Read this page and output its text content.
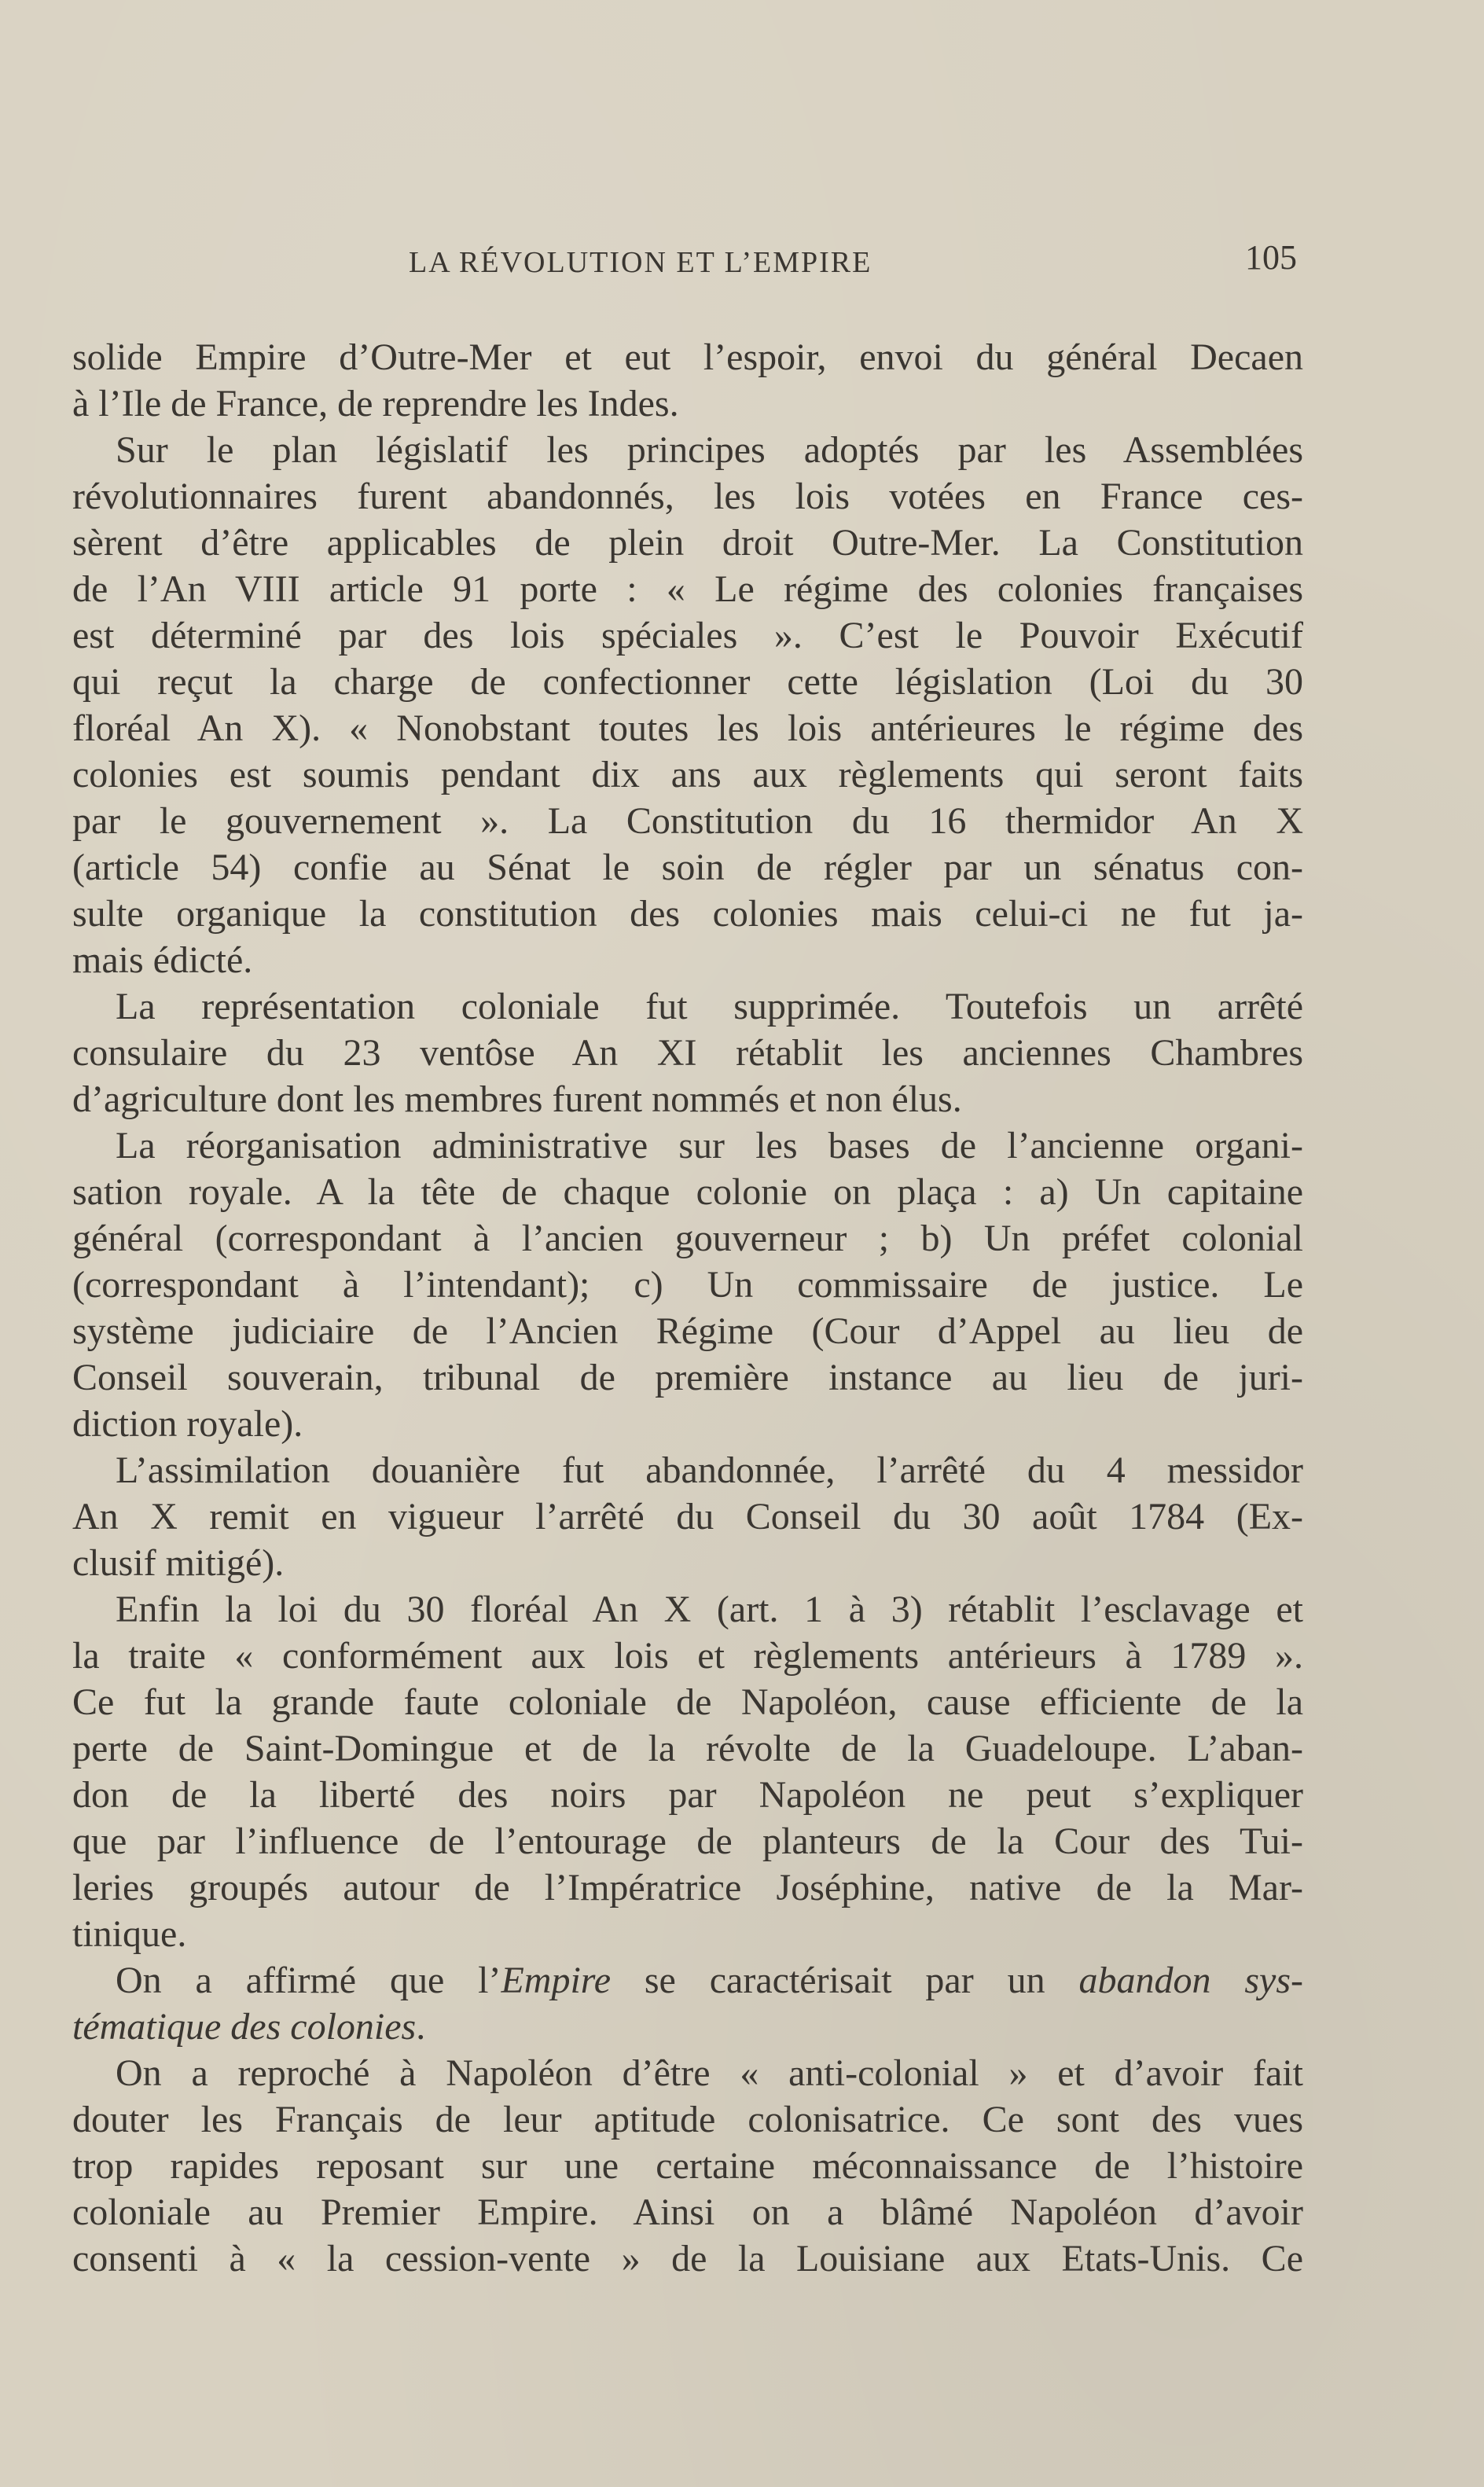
LA RÉVOLUTION ET L’EMPIRE	105
solide Empire d’Outre-Mer et eut l’espoir, envoi du général Decaen
à l’Ile de France, de reprendre les Indes.
Sur le plan législatif les principes adoptés par les Assemblées
révolutionnaires furent abandonnés, les lois votées en France ces-
sèrent d’être applicables de plein droit Outre-Mer. La Constitution
de l’An VIII article 91 porte : « Le régime des colonies françaises
est déterminé par des lois spéciales ». C’est le Pouvoir Exécutif
qui reçut la charge de confectionner cette législation (Loi du 30
floréal An X). « Nonobstant toutes les lois antérieures le régime des
colonies est soumis pendant dix ans aux règlements qui seront faits
par le gouvernement ». La Constitution du 16 thermidor An X
(article 54) confie au Sénat le soin de régler par un sénatus con-
sulte organique la constitution des colonies mais celui-ci ne fut ja-
mais édicté.
La représentation coloniale fut supprimée. Toutefois un arrêté
consulaire du 23 ventôse An XI rétablit les anciennes Chambres
d’agriculture dont les membres furent nommés et non élus.
La réorganisation administrative sur les bases de l’ancienne organi-
sation royale. A la tête de chaque colonie on plaça : a) Un capitaine
général (correspondant à l’ancien gouverneur ; b) Un préfet colonial
(correspondant à l’intendant); c) Un commissaire de justice. Le
système judiciaire de l’Ancien Régime (Cour d’Appel au lieu de
Conseil souverain, tribunal de première instance au lieu de juri-
diction royale).
L’assimilation douanière fut abandonnée, l’arrêté du 4 messidor
An X remit en vigueur l’arrêté du Conseil du 30 août 1784 (Ex-
clusif mitigé).
Enfin la loi du 30 floréal An X (art. 1 à 3) rétablit l’esclavage et
la traite « conformément aux lois et règlements antérieurs à 1789 ».
Ce fut la grande faute coloniale de Napoléon, cause efficiente de la
perte de Saint-Domingue et de la révolte de la Guadeloupe. L’aban-
don de la liberté des noirs par Napoléon ne peut s’expliquer
que par l’influence de l’entourage de planteurs de la Cour des Tui-
leries groupés autour de l’Impératrice Joséphine, native de la Mar-
tinique.
On a affirmé que l’Empire se caractérisait par un abandon sys-
tématique des colonies.
On a reproché à Napoléon d’être « anti-colonial » et d’avoir fait
douter les Français de leur aptitude colonisatrice. Ce sont des vues
trop rapides reposant sur une certaine méconnaissance de l’histoire
coloniale au Premier Empire. Ainsi on a blâmé Napoléon d’avoir
consenti à « la cession-vente » de la Louisiane aux Etats-Unis. Ce
